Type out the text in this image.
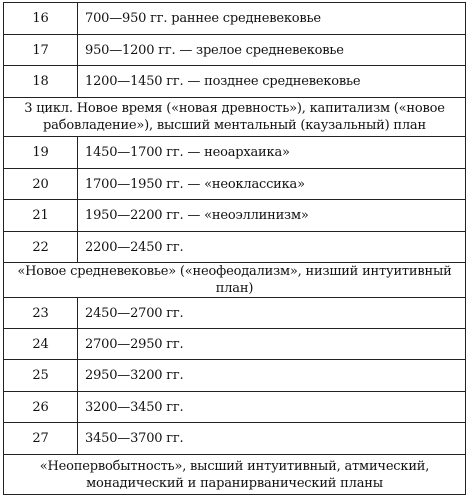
16	700—950 гг. раннее средневековье
17	950—1200 гг. — зрелое средневековье
18	1200—1450 гг. — позднее средневековье
3 цикл. Новое время («новая древность»), капитализм («новое рабовладение»), высший ментальный (каузальный) план	
19	1450—1700 гг. — неоархаика»
20	1700—1950 гг. — «неоклассика»
21	1950—2200 гг. — «неоэллинизм»
22	2200—2450 гг.
«Новое средневековье» («неофеодализм», низший интуитивный план)	
23	2450—2700 гг.
24	2700—2950 гг.
25	2950—3200 гг.
26	3200—3450 гг.
27	3450—3700 гг.
«Неопервобытность», высший интуитивный, атмический, монадический и паранирванический планы	
